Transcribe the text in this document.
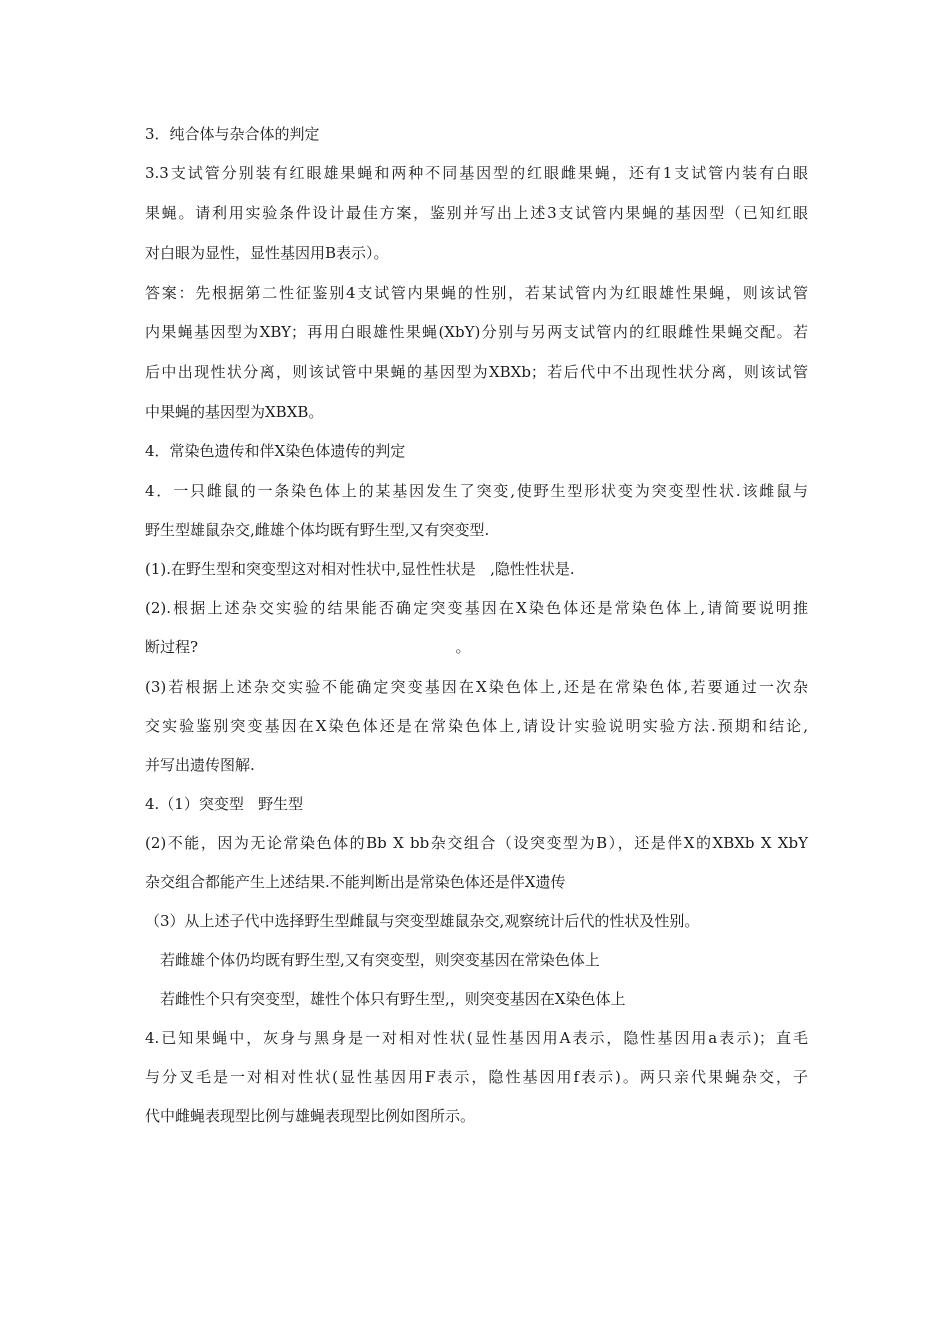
3．纯合体与杂合体的判定
3.3支试管分别装有红眼雄果蝇和两种不同基因型的红眼雌果蝇，还有1支试管内装有白眼
果蝇。请利用实验条件设计最佳方案，鉴别并写出上述3支试管内果蝇的基因型（已知红眼
对白眼为显性，显性基因用B表示）。
答案：先根据第二性征鉴别4支试管内果蝇的性别，若某试管内为红眼雄性果蝇，则该试管
内果蝇基因型为XBY；再用白眼雄性果蝇(XbY)分别与另两支试管内的红眼雌性果蝇交配。若
后中出现性状分离，则该试管中果蝇的基因型为XBXb；若后代中不出现性状分离，则该试管
中果蝇的基因型为XBXB。
4．常染色遗传和伴X染色体遗传的判定
4．一只雌鼠的一条染色体上的某基因发生了突变,使野生型形状变为突变型性状.该雌鼠与
野生型雄鼠杂交,雌雄个体均既有野生型,又有突变型.
(1).在野生型和突变型这对相对性状中,显性性状是   ,隐性性状是.
(2).根据上述杂交实验的结果能否确定突变基因在X染色体还是常染色体上,请简要说明推
断过程?                                                      。
(3)若根据上述杂交实验不能确定突变基因在X染色体上,还是在常染色体,若要通过一次杂
交实验鉴别突变基因在X染色体还是在常染色体上,请设计实验说明实验方法.预期和结论,
并写出遗传图解.
4.（1）突变型   野生型
(2)不能，因为无论常染色体的Bb X bb杂交组合（设突变型为B），还是伴X的XBXb X XbY
杂交组合都能产生上述结果.不能判断出是常染色体还是伴X遗传
（3）从上述子代中选择野生型雌鼠与突变型雄鼠杂交,观察统计后代的性状及性别。
若雌雄个体仍均既有野生型,又有突变型，则突变基因在常染色体上
若雌性个只有突变型，雄性个体只有野生型,，则突变基因在X染色体上
4.已知果蝇中，灰身与黑身是一对相对性状(显性基因用A表示，隐性基因用a表示)；直毛
与分叉毛是一对相对性状(显性基因用F表示，隐性基因用f表示)。两只亲代果蝇杂交，子
代中雌蝇表现型比例与雄蝇表现型比例如图所示。
